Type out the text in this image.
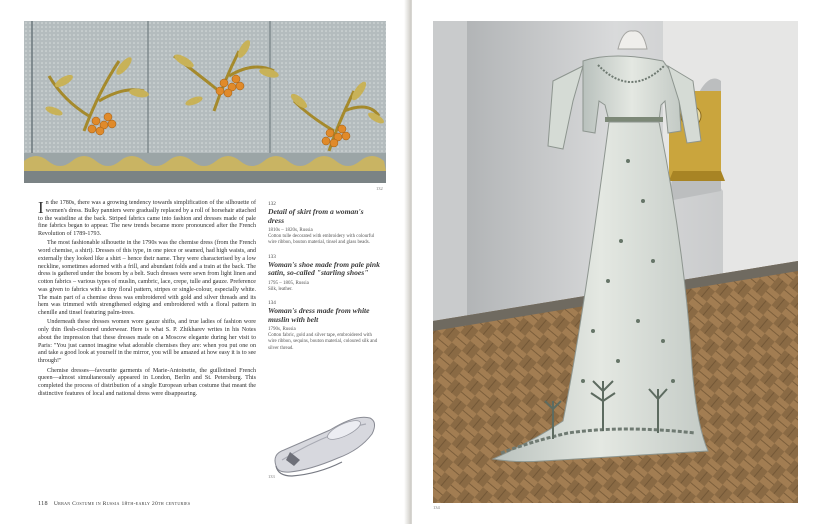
132

In the 1780s, there was a growing tendency towards simplification of the silhouette of women's dress. Bulky panniers were gradually replaced by a roll of horsehair attached to the waistline at the back. Striped fabrics came into fashion and dresses made of pale fine fabrics began to appear. The new trends became more pronounced after the French Revolution of 1789-1793.

The most fashionable silhouette in the 1790s was the chemise dress (from the French word chemise, a shirt). Dresses of this type, in one piece or seamed, had high waists, and externally they looked like a shirt – hence their name. They were characterised by a low neckline, sometimes adorned with a frill, and abundant folds and a train at the back. The dress is gathered under the bosom by a belt. Such dresses were sewn from light linen and cotton fabrics – various types of muslin, cambric, lace, crepe, tulle and gauze. Preference was given to fabrics with a tiny floral pattern, stripes or single-colour, especially white. The main part of a chemise dress was embroidered with gold and silver threads and its hem was trimmed with strengthened edging and embroidered with a floral pattern in chenille and tinsel featuring palm-trees.

Underneath these dresses women wore gauze shifts, and true ladies of fashion wore only thin flesh-coloured underwear. Here is what S. P. Zhikharev writes in his Notes about the impression that these dresses made on a Moscow elegante during her visit to Paris: "You just cannot imagine what adorable chemises they are: when you put one on and take a good look at yourself in the mirror, you will be amazed at how easy it is to see through!"

Chemise dresses—favourite garments of Marie-Antoinette, the guillotined French queen—almost simultaneously appeared in London, Berlin and St. Petersburg. This completed the process of distribution of a single European urban costume that meant the distinctive features of local and national dress were disappearing.

132
Detail of skirt from a woman's dress
1810s – 1820s, Russia
Cotton tulle decorated with embroidery with colourful wire ribbon, bouton material, tinsel and glass beads.
133
Woman's shoe made from pale pink satin, so-called "starling shoes"
1795 – 1805, Russia
Silk, leather.
134
Woman's dress made from white muslin with belt
1790s, Russia
Cotton fabric, gold and silver tape, embroidered with wire ribbon, sequins, bouton material, coloured silk and silver thread.
133
118 Urban Costume in Russia 18th-early 20th centuries
134
